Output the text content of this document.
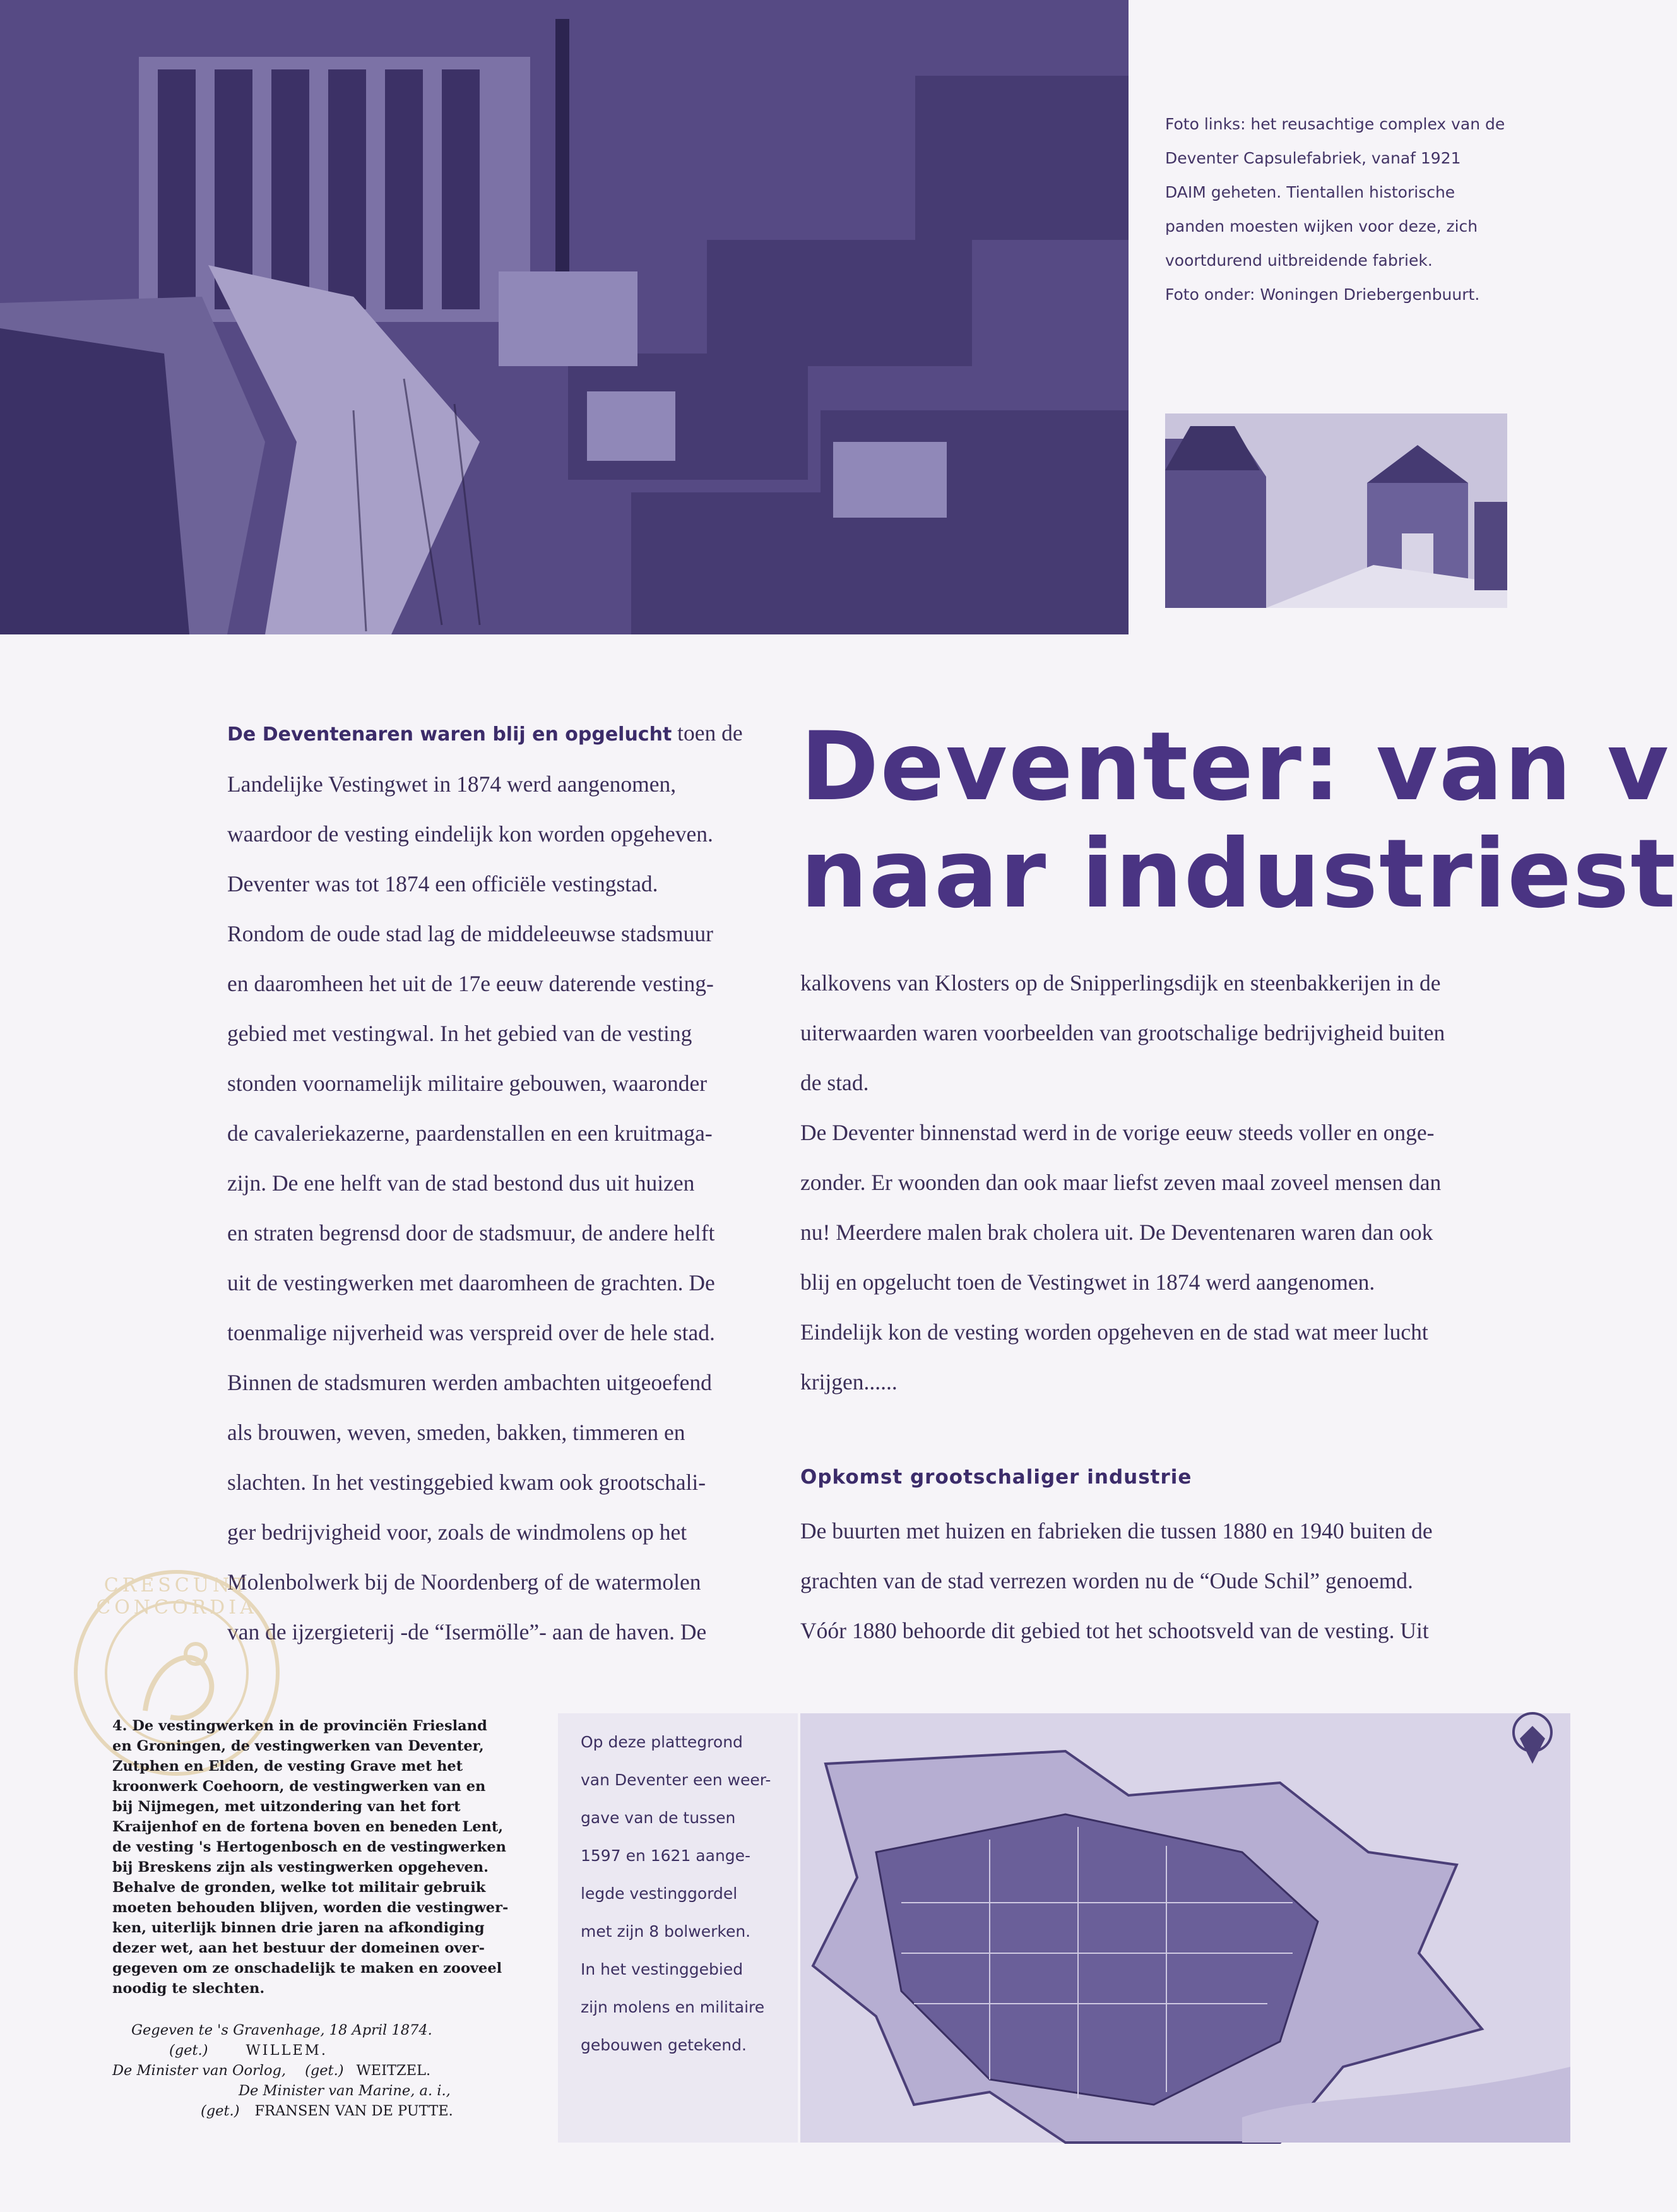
Foto links: het reusachtige complex van de
Deventer Capsulefabriek, vanaf 1921
DAIM geheten. Tientallen historische
panden moesten wijken voor deze, zich
voortdurend uitbreidende fabriek.
Foto onder: Woningen Driebergenbuurt.

De Deventenaren waren blij en opgelucht toen de

Landelijke Vestingwet in 1874 werd aangenomen,

waardoor de vesting eindelijk kon worden opgeheven.

Deventer was tot 1874 een officiële vestingstad.

Rondom de oude stad lag de middeleeuwse stadsmuur

en daaromheen het uit de 17e eeuw daterende vesting-

gebied met vestingwal. In het gebied van de vesting

stonden voornamelijk militaire gebouwen, waaronder

de cavaleriekazerne, paardenstallen en een kruitmaga-

zijn. De ene helft van de stad bestond dus uit huizen

en straten begrensd door de stadsmuur, de andere helft

uit de vestingwerken met daaromheen de grachten. De

toenmalige nijverheid was verspreid over de hele stad.

Binnen de stadsmuren werden ambachten uitgeoefend

als brouwen, weven, smeden, bakken, timmeren en

slachten. In het vestinggebied kwam ook grootschali-

ger bedrijvigheid voor, zoals de windmolens op het

Molenbolwerk bij de Noordenberg of de watermolen

van de ijzergieterij -de “Isermölle”- aan de haven. De

Deventer: van v
naar industriest

kalkovens van Klosters op de Snipperlingsdijk en steenbakkerijen in de

uiterwaarden waren voorbeelden van grootschalige bedrijvigheid buiten

de stad.

De Deventer binnenstad werd in de vorige eeuw steeds voller en onge-

zonder. Er woonden dan ook maar liefst zeven maal zoveel mensen dan

nu! Meerdere malen brak cholera uit. De Deventenaren waren dan ook

blij en opgelucht toen de Vestingwet in 1874 werd aangenomen.

Eindelijk kon de vesting worden opgeheven en de stad wat meer lucht

krijgen......

Opkomst grootschaliger industrie

De buurten met huizen en fabrieken die tussen 1880 en 1940 buiten de

grachten van de stad verrezen worden nu de “Oude Schil” genoemd.

Vóór 1880 behoorde dit gebied tot het schootsveld van de vesting. Uit

CRESCUNT CONCORDIA
4. De vestingwerken in de provinciën Friesland
en Groningen, de vestingwerken van Deventer,
Zutphen en Elden, de vesting Grave met het
kroonwerk Coehoorn, de vestingwerken van en
bij Nijmegen, met uitzondering van het fort
Kraijenhof en de fortena boven en beneden Lent,
de vesting 's Hertogenbosch en de vestingwerken
bij Breskens zijn als vestingwerken opgeheven.
Behalve de gronden, welke tot militair gebruik
moeten behouden blijven, worden die vestingwer-
ken, uiterlijk binnen drie jaren na afkondiging
dezer wet, aan het bestuur der domeinen over-
gegeven om ze onschadelijk te maken en zooveel
noodig te slechten.
Gegeven te 's Gravenhage, 18 April 1874.
(get.)	WILLEM.
De Minister van Oorlog, (get.) WEITZEL.
De Minister van Marine, a. i.,
(get.) FRANSEN VAN DE PUTTE.
Op deze plattegrond
van Deventer een weer-
gave van de tussen
1597 en 1621 aange-
legde vestinggordel
met zijn 8 bolwerken.
In het vestinggebied
zijn molens en militaire
gebouwen getekend.
